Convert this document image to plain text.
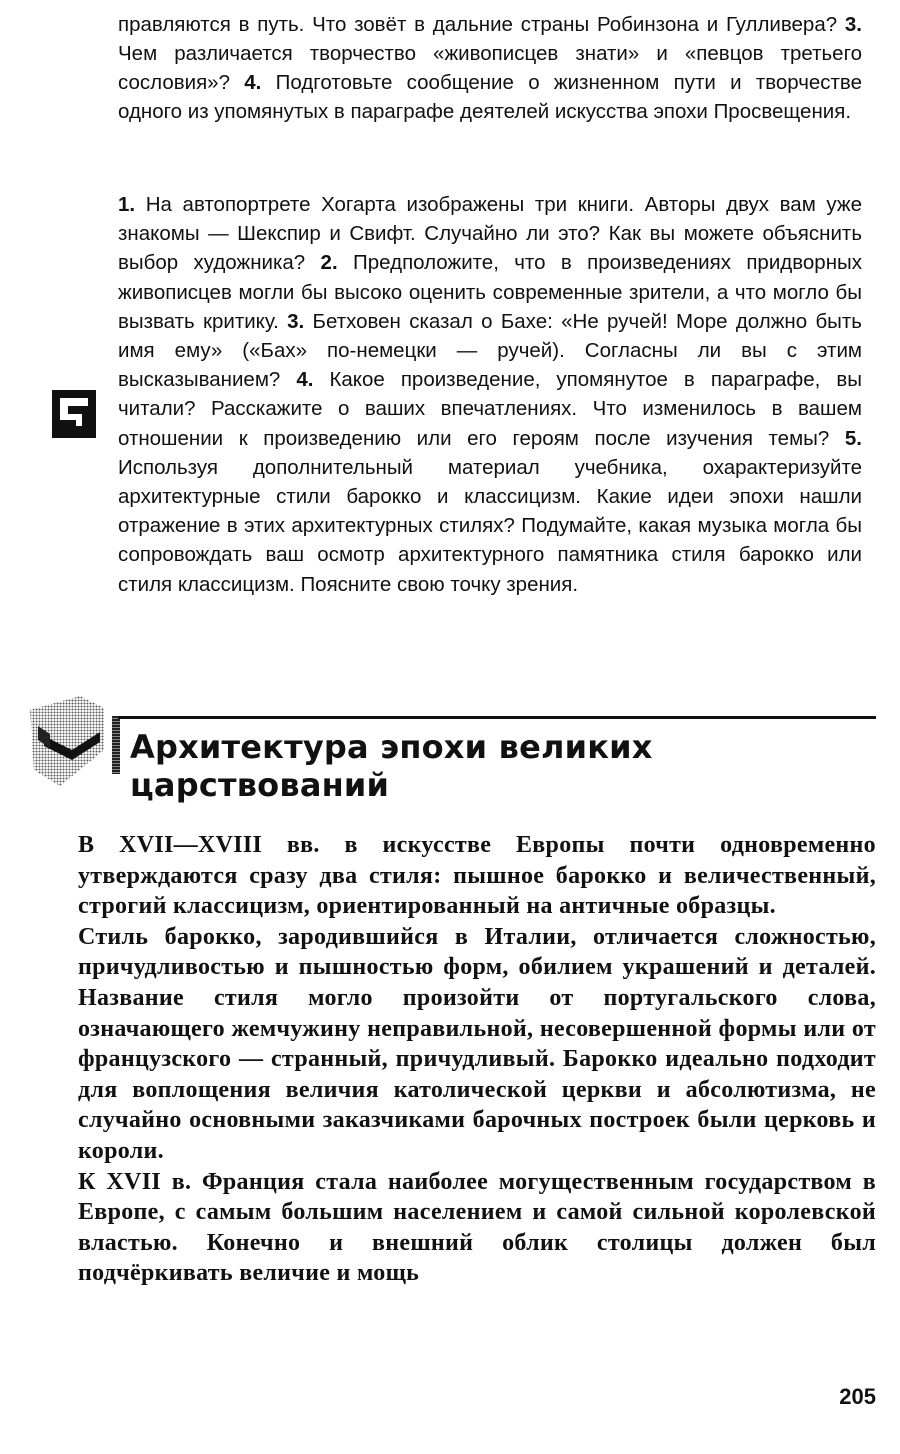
правляются в путь. Что зовёт в дальние страны Робинзона и Гулливера? 3. Чем различается творчество «живописцев знати» и «певцов третьего сословия»? 4. Подготовьте сообщение о жизненном пути и творчестве одного из упомянутых в параграфе деятелей искусства эпохи Просвещения.
1. На автопортрете Хогарта изображены три книги. Авторы двух вам уже знакомы — Шекспир и Свифт. Случайно ли это? Как вы можете объяснить выбор художника? 2. Предположите, что в произведениях придворных живописцев могли бы высоко оценить современные зрители, а что могло бы вызвать критику. 3. Бетховен сказал о Бахе: «Не ручей! Море должно быть имя ему» («Бах» по-немецки — ручей). Согласны ли вы с этим высказыванием? 4. Какое произведение, упомянутое в параграфе, вы читали? Расскажите о ваших впечатлениях. Что изменилось в вашем отношении к произведению или его героям после изучения темы? 5. Используя дополнительный материал учебника, охарактеризуйте архитектурные стили барокко и классицизм. Какие идеи эпохи нашли отражение в этих архитектурных стилях? Подумайте, какая музыка могла бы сопровождать ваш осмотр архитектурного памятника стиля барокко или стиля классицизм. Поясните свою точку зрения.
Архитектура эпохи великих
царствований

В XVII—XVIII вв. в искусстве Европы почти одновременно утверждаются сразу два стиля: пышное барокко и величественный, строгий классицизм, ориентированный на античные образцы.

Стиль барокко, зародившийся в Италии, отличается сложностью, причудливостью и пышностью форм, обилием украшений и деталей. Название стиля могло произойти от португальского слова, означающего жемчужину неправильной, несовершенной формы или от французского — странный, причудливый. Барокко идеально подходит для воплощения величия католической церкви и абсолютизма, не случайно основными заказчиками барочных построек были церковь и короли.

К XVII в. Франция стала наиболее могущественным государством в Европе, с самым большим населением и самой сильной королевской властью. Конечно и внешний облик столицы должен был подчёркивать величие и мощь

205
